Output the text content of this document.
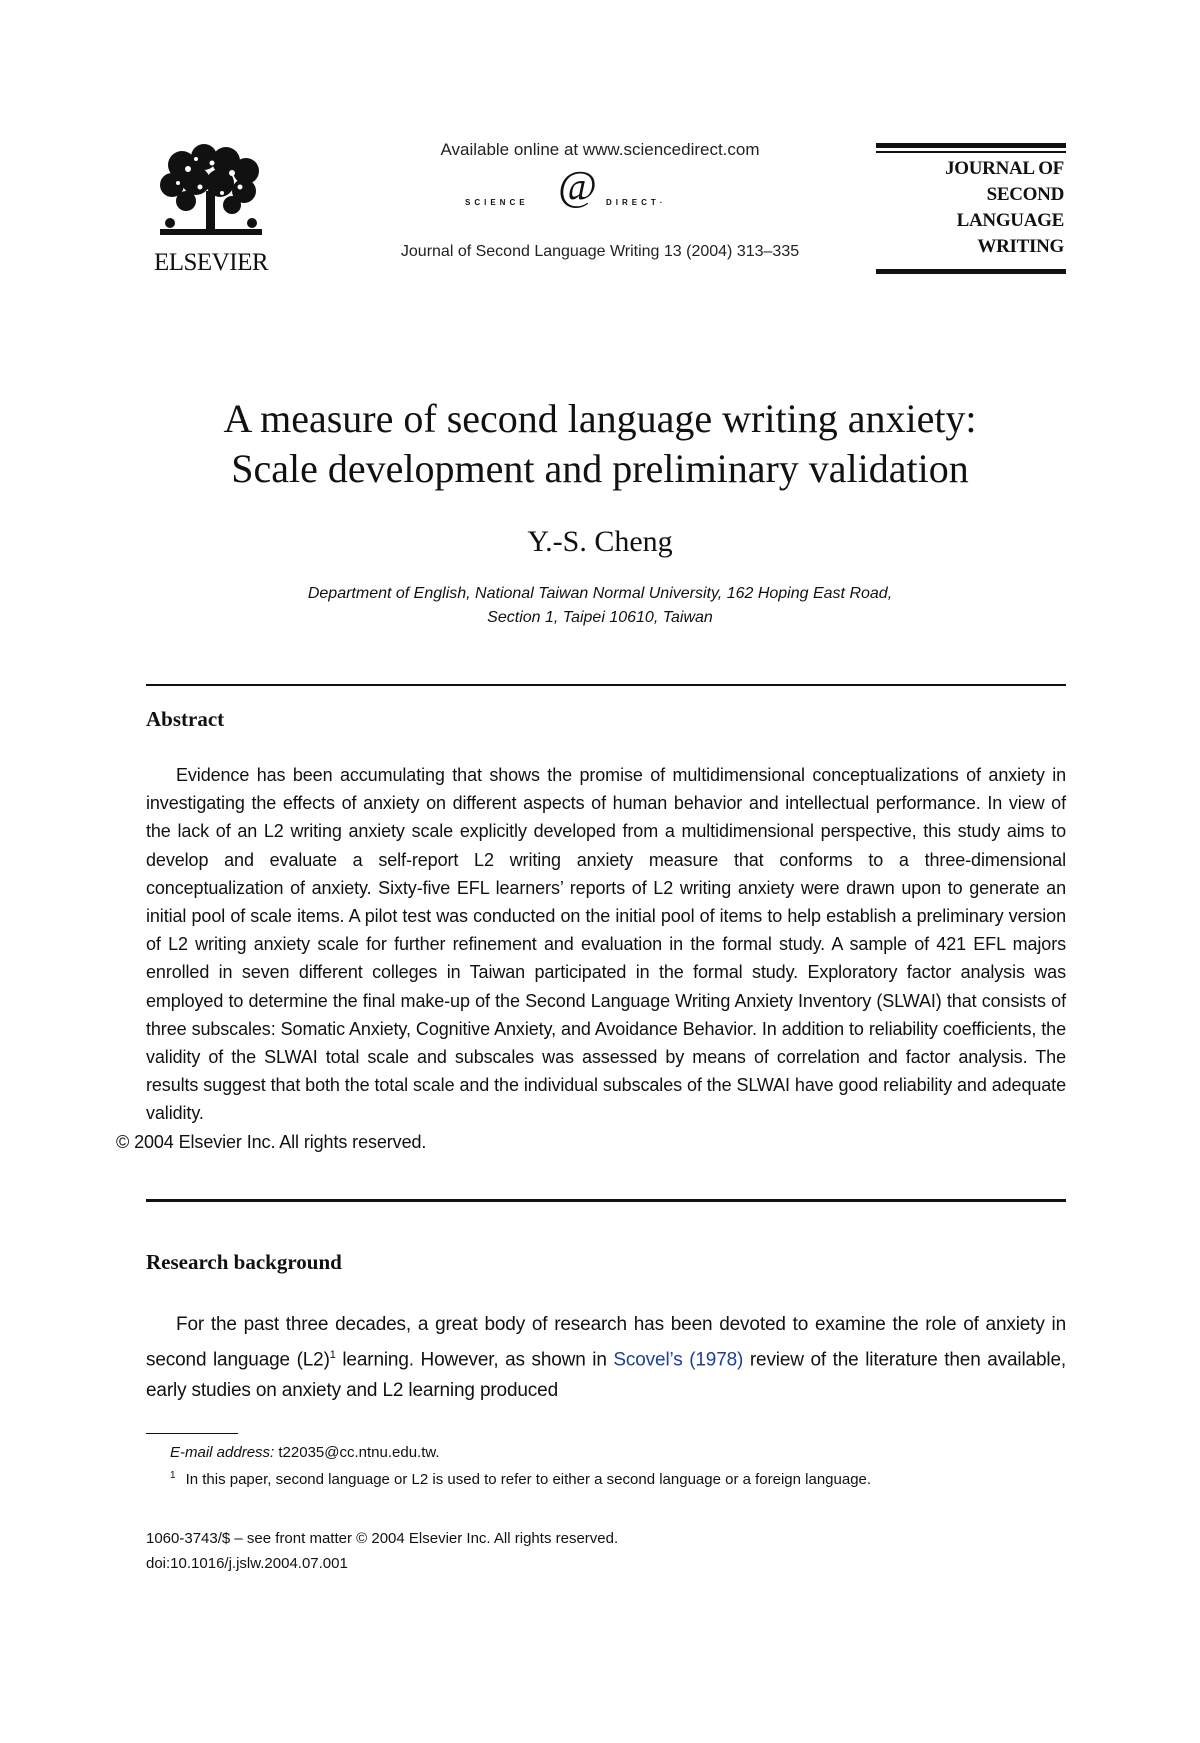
ELSEVIER
Available online at www.sciencedirect.com
SCIENCE @ DIRECT·
Journal of Second Language Writing 13 (2004) 313–335
JOURNAL OF
SECOND
LANGUAGE
WRITING
A measure of second language writing anxiety:
Scale development and preliminary validation
Y.-S. Cheng
Department of English, National Taiwan Normal University, 162 Hoping East Road,
Section 1, Taipei 10610, Taiwan
Abstract
Evidence has been accumulating that shows the promise of multidimensional conceptualizations of anxiety in investigating the effects of anxiety on different aspects of human behavior and intellectual performance. In view of the lack of an L2 writing anxiety scale explicitly developed from a multidimensional perspective, this study aims to develop and evaluate a self-report L2 writing anxiety measure that conforms to a three-dimensional conceptualization of anxiety. Sixty-five EFL learners’ reports of L2 writing anxiety were drawn upon to generate an initial pool of scale items. A pilot test was conducted on the initial pool of items to help establish a preliminary version of L2 writing anxiety scale for further refinement and evaluation in the formal study. A sample of 421 EFL majors enrolled in seven different colleges in Taiwan participated in the formal study. Exploratory factor analysis was employed to determine the final make-up of the Second Language Writing Anxiety Inventory (SLWAI) that consists of three subscales: Somatic Anxiety, Cognitive Anxiety, and Avoidance Behavior. In addition to reliability coefficients, the validity of the SLWAI total scale and subscales was assessed by means of correlation and factor analysis. The results suggest that both the total scale and the individual subscales of the SLWAI have good reliability and adequate validity.
© 2004 Elsevier Inc. All rights reserved.
Research background
For the past three decades, a great body of research has been devoted to examine the role of anxiety in second language $(L2)^1$ learning. However, as shown in Scovel’s (1978) review of the literature then available, early studies on anxiety and L2 learning produced
E-mail address: t22035@cc.ntnu.edu.tw.
$^1$ In this paper, second language or L2 is used to refer to either a second language or a foreign language.
1060-3743/$ – see front matter © 2004 Elsevier Inc. All rights reserved.
doi:10.1016/j.jslw.2004.07.001
